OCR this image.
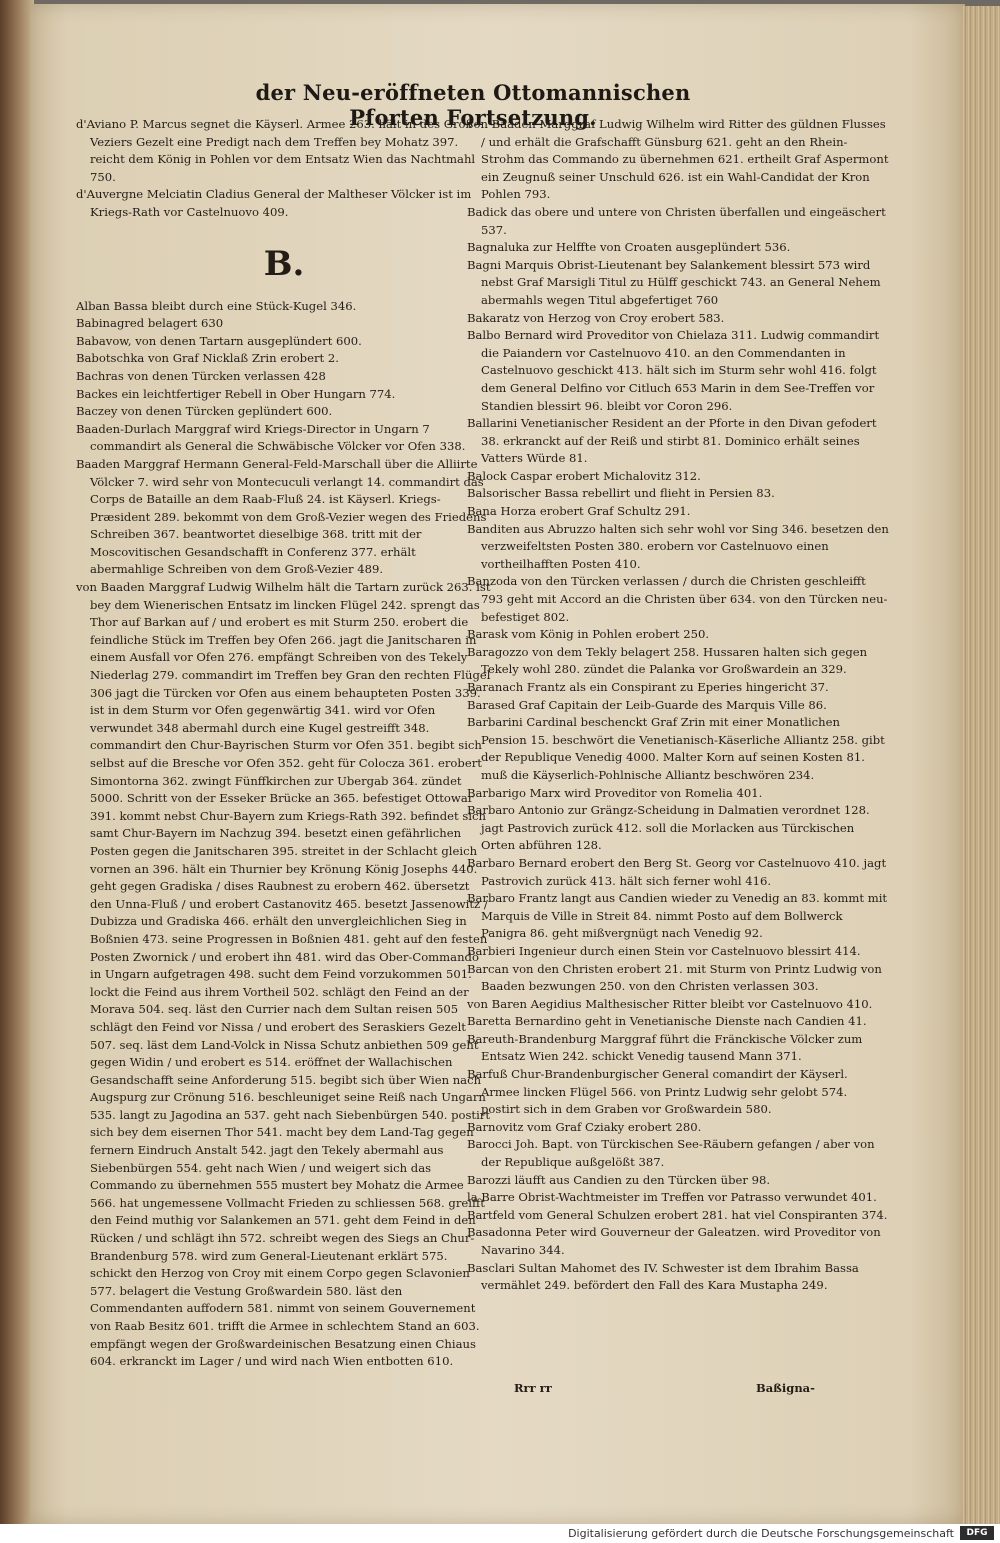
der Neu-eröffneten Ottomannischen Pforten Fortsetzung.
d'Aviano P. Marcus segnet die Käyserl. Armee 263. hält in des Groß-Veziers Gezelt eine Predigt nach dem Treffen bey Mohatz 397. reicht dem König in Pohlen vor dem Entsatz Wien das Nachtmahl 750.
d'Auvergne Melciatin Cladius General der Maltheser Völcker ist im Kriegs-Rath vor Castelnuovo 409.
B.
Alban Bassa bleibt durch eine Stück-Kugel 346.
Babinagred belagert 630
Babavow, von denen Tartarn ausgeplündert 600.
Babotschka von Graf Nicklaß Zrin erobert 2.
Bachras von denen Türcken verlassen 428
Backes ein leichtfertiger Rebell in Ober Hungarn 774.
Baczey von denen Türcken geplündert 600.
Baaden-Durlach Marggraf wird Kriegs-Director in Ungarn 7 commandirt als General die Schwäbische Völcker vor Ofen 338.
Baaden Marggraf Hermann General-Feld-Marschall über die Alliirte Völcker 7. wird sehr von Montecuculi verlangt 14. commandirt das Corps de Bataille an dem Raab-Fluß 24. ist Käyserl. Kriegs-Præsident 289. bekommt von dem Groß-Vezier wegen des Friedens Schreiben 367. beantwortet dieselbige 368. tritt mit der Moscovitischen Gesandschafft in Conferenz 377. erhält abermahlige Schreiben von dem Groß-Vezier 489.
von Baaden Marggraf Ludwig Wilhelm hält die Tartarn zurück 263. ist bey dem Wienerischen Entsatz im lincken Flügel 242. sprengt das Thor auf Barkan auf / und erobert es mit Sturm 250. erobert die feindliche Stück im Treffen bey Ofen 266. jagt die Janitscharen in einem Ausfall vor Ofen 276. empfängt Schreiben von des Tekely Niederlag 279. commandirt im Treffen bey Gran den rechten Flügel 306 jagt die Türcken vor Ofen aus einem behaupteten Posten 339. ist in dem Sturm vor Ofen gegenwärtig 341. wird vor Ofen verwundet 348 abermahl durch eine Kugel gestreifft 348. commandirt den Chur-Bayrischen Sturm vor Ofen 351. begibt sich selbst auf die Bresche vor Ofen 352. geht für Colocza 361. erobert Simontorna 362. zwingt Fünffkirchen zur Ubergab 364. zündet 5000. Schritt von der Esseker Brücke an 365. befestiget Ottowar 391. kommt nebst Chur-Bayern zum Kriegs-Rath 392. befindet sich samt Chur-Bayern im Nachzug 394. besetzt einen gefährlichen Posten gegen die Janitscharen 395. streitet in der Schlacht gleich vornen an 396. hält ein Thurnier bey Krönung König Josephs 440. geht gegen Gradiska / dises Raubnest zu erobern 462. übersetzt den Unna-Fluß / und erobert Castanovitz 465. besetzt Jassenowitz / Dubizza und Gradiska 466. erhält den unvergleichlichen Sieg in Boßnien 473. seine Progressen in Boßnien 481. geht auf den festen Posten Zwornick / und erobert ihn 481. wird das Ober-Commando in Ungarn aufgetragen 498. sucht dem Feind vorzukommen 501. lockt die Feind aus ihrem Vortheil 502. schlägt den Feind an der Morava 504. seq. läst den Currier nach dem Sultan reisen 505 schlägt den Feind vor Nissa / und erobert des Seraskiers Gezelt 507. seq. läst dem Land-Volck in Nissa Schutz anbiethen 509 geht gegen Widin / und erobert es 514. eröffnet der Wallachischen Gesandschafft seine Anforderung 515. begibt sich über Wien nach Augspurg zur Crönung 516. beschleuniget seine Reiß nach Ungarn 535. langt zu Jagodina an 537. geht nach Siebenbürgen 540. postirt sich bey dem eisernen Thor 541. macht bey dem Land-Tag gegen fernern Eindruch Anstalt 542. jagt den Tekely abermahl aus Siebenbürgen 554. geht nach Wien / und weigert sich das Commando zu übernehmen 555 mustert bey Mohatz die Armee 566. hat ungemessene Vollmacht Frieden zu schliessen 568. greifft den Feind muthig vor Salankemen an 571. geht dem Feind in den Rücken / und schlägt ihn 572. schreibt wegen des Siegs an Chur-Brandenburg 578. wird zum General-Lieutenant erklärt 575. schickt den Herzog von Croy mit einem Corpo gegen Sclavonien 577. belagert die Vestung Großwardein 580. läst den Commendanten auffodern 581. nimmt von seinem Gouvernement von Raab Besitz 601. trifft die Armee in schlechtem Stand an 603. empfängt wegen der Großwardeinischen Besatzung einen Chiaus 604. erkranckt im Lager / und wird nach Wien entbotten 610.
von Baaden Marggraf Ludwig Wilhelm wird Ritter des güldnen Flusses / und erhält die Grafschafft Günsburg 621. geht an den Rhein-Strohm das Commando zu übernehmen 621. ertheilt Graf Aspermont ein Zeugnuß seiner Unschuld 626. ist ein Wahl-Candidat der Kron Pohlen 793.
Badick das obere und untere von Christen überfallen und eingeäschert 537.
Bagnaluka zur Helffte von Croaten ausgeplündert 536.
Bagni Marquis Obrist-Lieutenant bey Salankement blessirt 573 wird nebst Graf Marsigli Titul zu Hülff geschickt 743. an General Nehem abermahls wegen Titul abgefertiget 760
Bakaratz von Herzog von Croy erobert 583.
Balbo Bernard wird Proveditor von Chielaza 311. Ludwig commandirt die Paiandern vor Castelnuovo 410. an den Commendanten in Castelnuovo geschickt 413. hält sich im Sturm sehr wohl 416. folgt dem General Delfino vor Citluch 653 Marin in dem See-Treffen vor Standien blessirt 96. bleibt vor Coron 296.
Ballarini Venetianischer Resident an der Pforte in den Divan gefodert 38. erkranckt auf der Reiß und stirbt 81. Dominico erhält seines Vatters Würde 81.
Balock Caspar erobert Michalovitz 312.
Balsorischer Bassa rebellirt und flieht in Persien 83.
Bana Horza erobert Graf Schultz 291.
Banditen aus Abruzzo halten sich sehr wohl vor Sing 346. besetzen den verzweifeltsten Posten 380. erobern vor Castelnuovo einen vortheilhafften Posten 410.
Banzoda von den Türcken verlassen / durch die Christen geschleifft 793 geht mit Accord an die Christen über 634. von den Türcken neu-befestiget 802.
Barask vom König in Pohlen erobert 250.
Baragozzo von dem Tekly belagert 258. Hussaren halten sich gegen Tekely wohl 280. zündet die Palanka vor Großwardein an 329.
Baranach Frantz als ein Conspirant zu Eperies hingericht 37.
Barased Graf Capitain der Leib-Guarde des Marquis Ville 86.
Barbarini Cardinal beschenckt Graf Zrin mit einer Monatlichen Pension 15. beschwört die Venetianisch-Käserliche Alliantz 258. gibt der Republique Venedig 4000. Malter Korn auf seinen Kosten 81. muß die Käyserlich-Pohlnische Alliantz beschwören 234.
Barbarigo Marx wird Proveditor von Romelia 401.
Barbaro Antonio zur Grängz-Scheidung in Dalmatien verordnet 128. jagt Pastrovich zurück 412. soll die Morlacken aus Türckischen Orten abführen 128.
Barbaro Bernard erobert den Berg St. Georg vor Castelnuovo 410. jagt Pastrovich zurück 413. hält sich ferner wohl 416.
Barbaro Frantz langt aus Candien wieder zu Venedig an 83. kommt mit Marquis de Ville in Streit 84. nimmt Posto auf dem Bollwerck Panigra 86. geht mißvergnügt nach Venedig 92.
Barbieri Ingenieur durch einen Stein vor Castelnuovo blessirt 414.
Barcan von den Christen erobert 21. mit Sturm von Printz Ludwig von Baaden bezwungen 250. von den Christen verlassen 303.
von Baren Aegidius Malthesischer Ritter bleibt vor Castelnuovo 410.
Baretta Bernardino geht in Venetianische Dienste nach Candien 41.
Bareuth-Brandenburg Marggraf führt die Fränckische Völcker zum Entsatz Wien 242. schickt Venedig tausend Mann 371.
Barfuß Chur-Brandenburgischer General comandirt der Käyserl. Armee lincken Flügel 566. von Printz Ludwig sehr gelobt 574. postirt sich in dem Graben vor Großwardein 580.
Barnovitz vom Graf Cziaky erobert 280.
Barocci Joh. Bapt. von Türckischen See-Räubern gefangen / aber von der Republique außgelößt 387.
Barozzi läufft aus Candien zu den Türcken über 98.
la Barre Obrist-Wachtmeister im Treffen vor Patrasso verwundet 401.
Bartfeld vom General Schulzen erobert 281. hat viel Conspiranten 374.
Basadonna Peter wird Gouverneur der Galeatzen. wird Proveditor von Navarino 344.
Basclari Sultan Mahomet des IV. Schwester ist dem Ibrahim Bassa vermählet 249. befördert den Fall des Kara Mustapha 249.
Rrr rr	Baßigna-
Digitalisierung gefördert durch die Deutsche Forschungsgemeinschaft	DFG
